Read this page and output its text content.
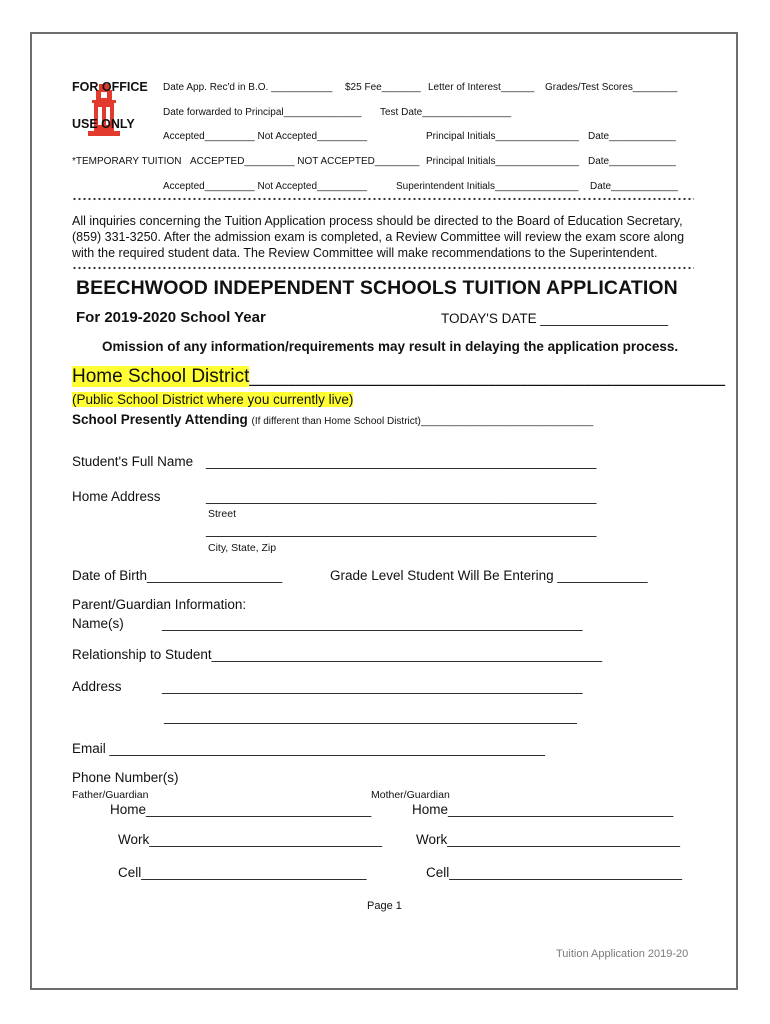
FOR OFFICE
USE ONLY
Date App. Rec'd in B.O. ___________ $25 Fee_______ Letter of Interest______ Grades/Test Scores________
Date forwarded to Principal______________ Test Date________________
Accepted_________ Not Accepted_________	Principal Initials_______________ Date____________
*TEMPORARY TUITION ACCEPTED_________ NOT ACCEPTED________ Principal Initials_______________ Date____________
Accepted_________ Not Accepted_________	Superintendent Initials_______________ Date____________
All inquiries concerning the Tuition Application process should be directed to the Board of Education Secretary, (859) 331-3250. After the admission exam is completed, a Review Committee will review the exam score along with the required student data. The Review Committee will make recommendations to the Superintendent.
BEECHWOOD INDEPENDENT SCHOOLS TUITION APPLICATION
For 2019-2020 School Year	TODAY'S DATE _________________
Omission of any information/requirements may result in delaying the application process.
Home School District_____________________________________________
(Public School District where you currently live)
School Presently Attending (If different than Home School District)_______________________________
Student's Full Name ____________________________________________________
Home Address	____________________________________________________
Street
____________________________________________________
City, State, Zip
Date of Birth__________________	Grade Level Student Will Be Entering ____________
Parent/Guardian Information:
Name(s)	________________________________________________________
Relationship to Student____________________________________________________
Address	________________________________________________________
_______________________________________________________
Email __________________________________________________________
Phone Number(s)
Father/Guardian	Mother/Guardian
Home______________________________	Home______________________________
Work_______________________________	Work_______________________________
Cell______________________________	Cell_______________________________
Page 1
Tuition Application 2019-20
